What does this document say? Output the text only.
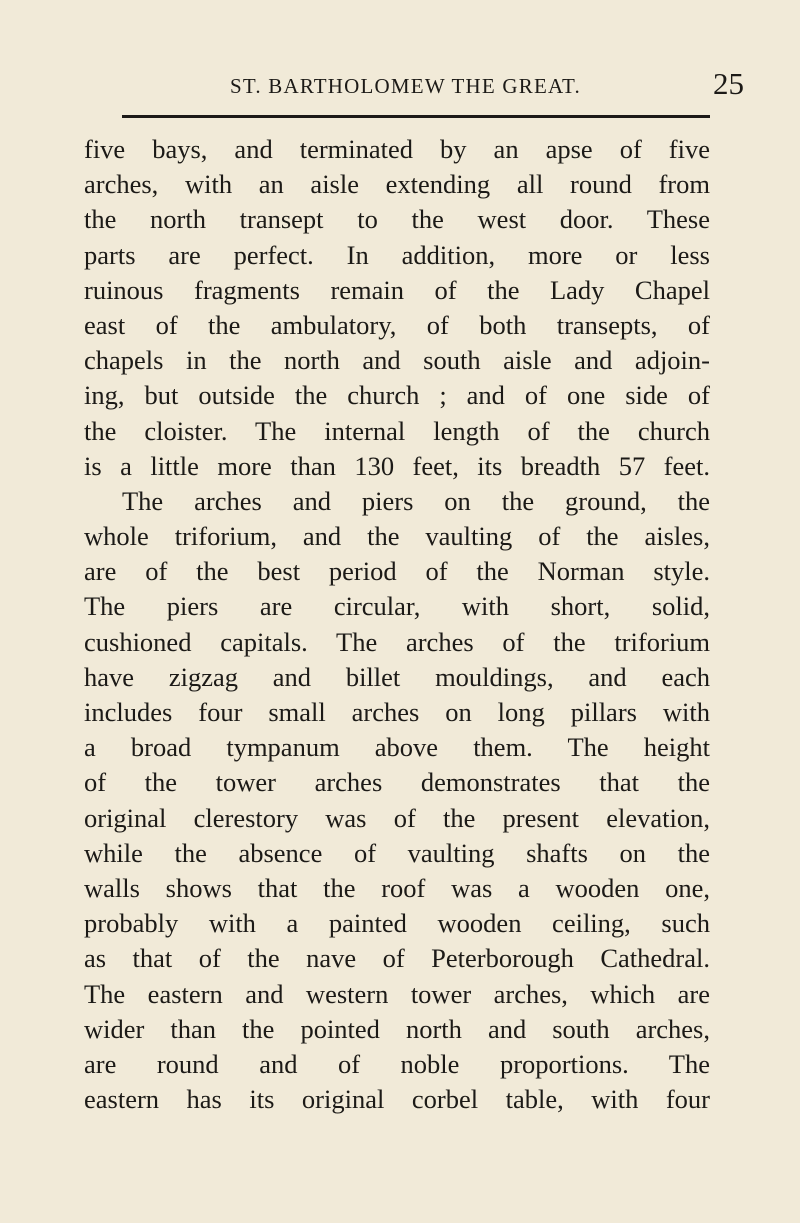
ST. BARTHOLOMEW THE GREAT.	25
five bays, and terminated by an apse of five
arches, with an aisle extending all round from
the north transept to the west door. These
parts are perfect. In addition, more or less
ruinous fragments remain of the Lady Chapel
east of the ambulatory, of both transepts, of
chapels in the north and south aisle and adjoin-
ing, but outside the church ; and of one side of
the cloister. The internal length of the church
is a little more than 130 feet, its breadth 57 feet.
The arches and piers on the ground, the
whole triforium, and the vaulting of the aisles,
are of the best period of the Norman style.
The piers are circular, with short, solid,
cushioned capitals. The arches of the triforium
have zigzag and billet mouldings, and each
includes four small arches on long pillars with
a broad tympanum above them. The height
of the tower arches demonstrates that the
original clerestory was of the present elevation,
while the absence of vaulting shafts on the
walls shows that the roof was a wooden one,
probably with a painted wooden ceiling, such
as that of the nave of Peterborough Cathedral.
The eastern and western tower arches, which are
wider than the pointed north and south arches,
are round and of noble proportions. The
eastern has its original corbel table, with four
